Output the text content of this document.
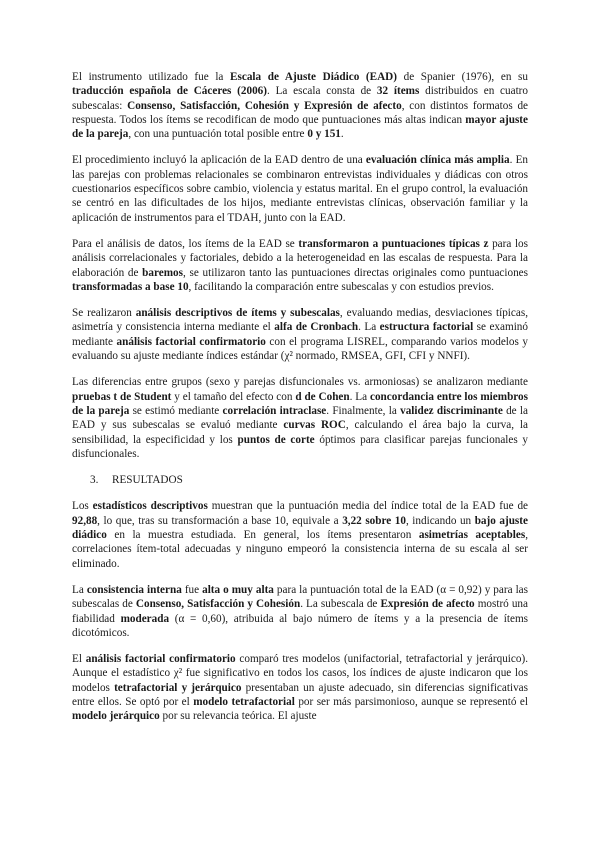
El instrumento utilizado fue la Escala de Ajuste Diádico (EAD) de Spanier (1976), en su traducción española de Cáceres (2006). La escala consta de 32 ítems distribuidos en cuatro subescalas: Consenso, Satisfacción, Cohesión y Expresión de afecto, con distintos formatos de respuesta. Todos los ítems se recodifican de modo que puntuaciones más altas indican mayor ajuste de la pareja, con una puntuación total posible entre 0 y 151.

El procedimiento incluyó la aplicación de la EAD dentro de una evaluación clínica más amplia. En las parejas con problemas relacionales se combinaron entrevistas individuales y diádicas con otros cuestionarios específicos sobre cambio, violencia y estatus marital. En el grupo control, la evaluación se centró en las dificultades de los hijos, mediante entrevistas clínicas, observación familiar y la aplicación de instrumentos para el TDAH, junto con la EAD.

Para el análisis de datos, los ítems de la EAD se transformaron a puntuaciones típicas z para los análisis correlacionales y factoriales, debido a la heterogeneidad en las escalas de respuesta. Para la elaboración de baremos, se utilizaron tanto las puntuaciones directas originales como puntuaciones transformadas a base 10, facilitando la comparación entre subescalas y con estudios previos.

Se realizaron análisis descriptivos de ítems y subescalas, evaluando medias, desviaciones típicas, asimetría y consistencia interna mediante el alfa de Cronbach. La estructura factorial se examinó mediante análisis factorial confirmatorio con el programa LISREL, comparando varios modelos y evaluando su ajuste mediante índices estándar (χ² normado, RMSEA, GFI, CFI y NNFI).

Las diferencias entre grupos (sexo y parejas disfuncionales vs. armoniosas) se analizaron mediante pruebas t de Student y el tamaño del efecto con d de Cohen. La concordancia entre los miembros de la pareja se estimó mediante correlación intraclase. Finalmente, la validez discriminante de la EAD y sus subescalas se evaluó mediante curvas ROC, calculando el área bajo la curva, la sensibilidad, la especificidad y los puntos de corte óptimos para clasificar parejas funcionales y disfuncionales.

3. RESULTADOS

Los estadísticos descriptivos muestran que la puntuación media del índice total de la EAD fue de 92,88, lo que, tras su transformación a base 10, equivale a 3,22 sobre 10, indicando un bajo ajuste diádico en la muestra estudiada. En general, los ítems presentaron asimetrías aceptables, correlaciones ítem-total adecuadas y ninguno empeoró la consistencia interna de su escala al ser eliminado.

La consistencia interna fue alta o muy alta para la puntuación total de la EAD (α = 0,92) y para las subescalas de Consenso, Satisfacción y Cohesión. La subescala de Expresión de afecto mostró una fiabilidad moderada (α = 0,60), atribuida al bajo número de ítems y a la presencia de ítems dicotómicos.

El análisis factorial confirmatorio comparó tres modelos (unifactorial, tetrafactorial y jerárquico). Aunque el estadístico χ² fue significativo en todos los casos, los índices de ajuste indicaron que los modelos tetrafactorial y jerárquico presentaban un ajuste adecuado, sin diferencias significativas entre ellos. Se optó por el modelo tetrafactorial por ser más parsimonioso, aunque se representó el modelo jerárquico por su relevancia teórica. El ajuste
